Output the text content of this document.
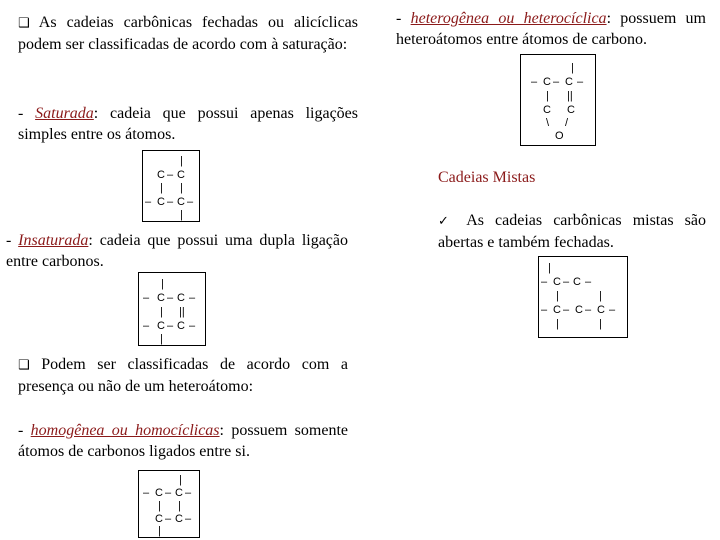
❑ As cadeias carbônicas fechadas ou alicíclicas podem ser classificadas de acordo com à saturação:
- Saturada: cadeia que possui apenas ligações simples entre os átomos.
|
C – C
| |
– C – C –
|
- Insaturada: cadeia que possui uma dupla ligação entre carbonos.
|
– C – C –
| ||
– C – C –
|
❑ Podem ser classificadas de acordo com a presença ou não de um heteroátomo:
- homogênea ou homocíclicas: possuem somente átomos de carbonos ligados entre si.
|
– C – C –
| |
C – C –
|
- heterogênea ou heterocíclica: possuem um heteroátomos entre átomos de carbono.
|
– C – C –
| ||
C C
\ /
O
Cadeias Mistas
✓ As cadeias carbônicas mistas são abertas e também fechadas.
|
– C – C –
|	|
– C – C – C –
|	|
